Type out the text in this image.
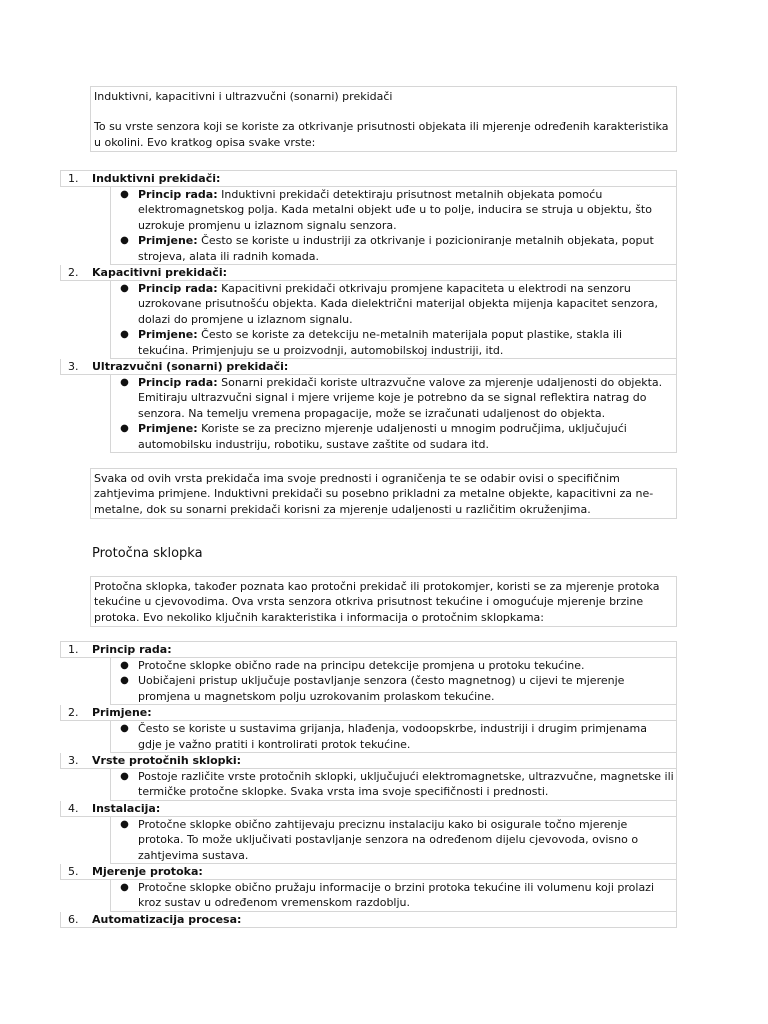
Induktivni, kapacitivni i ultrazvučni (sonarni) prekidači

To su vrste senzora koji se koriste za otkrivanje prisutnosti objekata ili mjerenje određenih karakteristika u okolini. Evo kratkog opisa svake vrste:

1.	Induktivni prekidači:
● Princip rada: Induktivni prekidači detektiraju prisutnost metalnih objekata pomoću elektromagnetskog polja. Kada metalni objekt uđe u to polje, inducira se struja u objektu, što uzrokuje promjenu u izlaznom signalu senzora.
● Primjene: Često se koriste u industriji za otkrivanje i pozicioniranje metalnih objekata, poput strojeva, alata ili radnih komada.
2.	Kapacitivni prekidači:
● Princip rada: Kapacitivni prekidači otkrivaju promjene kapaciteta u elektrodi na senzoru uzrokovane prisutnošću objekta. Kada dielektrični materijal objekta mijenja kapacitet senzora, dolazi do promjene u izlaznom signalu.
● Primjene: Često se koriste za detekciju ne-metalnih materijala poput plastike, stakla ili tekućina. Primjenjuju se u proizvodnji, automobilskoj industriji, itd.
3.	Ultrazvučni (sonarni) prekidači:
● Princip rada: Sonarni prekidači koriste ultrazvučne valove za mjerenje udaljenosti do objekta. Emitiraju ultrazvučni signal i mjere vrijeme koje je potrebno da se signal reflektira natrag do senzora. Na temelju vremena propagacije, može se izračunati udaljenost do objekta.
● Primjene: Koriste se za precizno mjerenje udaljenosti u mnogim područjima, uključujući automobilsku industriju, robotiku, sustave zaštite od sudara itd.

Svaka od ovih vrsta prekidača ima svoje prednosti i ograničenja te se odabir ovisi o specifičnim zahtjevima primjene. Induktivni prekidači su posebno prikladni za metalne objekte, kapacitivni za ne-metalne, dok su sonarni prekidači korisni za mjerenje udaljenosti u različitim okruženjima.

Protočna sklopka

Protočna sklopka, također poznata kao protočni prekidač ili protokomjer, koristi se za mjerenje protoka tekućine u cjevovodima. Ova vrsta senzora otkriva prisutnost tekućine i omogućuje mjerenje brzine protoka. Evo nekoliko ključnih karakteristika i informacija o protočnim sklopkama:

1.	Princip rada:
● Protočne sklopke obično rade na principu detekcije promjena u protoku tekućine.
● Uobičajeni pristup uključuje postavljanje senzora (često magnetnog) u cijevi te mjerenje promjena u magnetskom polju uzrokovanim prolaskom tekućine.
2.	Primjene:
● Često se koriste u sustavima grijanja, hlađenja, vodoopskrbe, industriji i drugim primjenama gdje je važno pratiti i kontrolirati protok tekućine.
3.	Vrste protočnih sklopki:
● Postoje različite vrste protočnih sklopki, uključujući elektromagnetske, ultrazvučne, magnetske ili termičke protočne sklopke. Svaka vrsta ima svoje specifičnosti i prednosti.
4.	Instalacija:
● Protočne sklopke obično zahtijevaju preciznu instalaciju kako bi osigurale točno mjerenje protoka. To može uključivati postavljanje senzora na određenom dijelu cjevovoda, ovisno o zahtjevima sustava.
5.	Mjerenje protoka:
● Protočne sklopke obično pružaju informacije o brzini protoka tekućine ili volumenu koji prolazi kroz sustav u određenom vremenskom razdoblju.
6.	Automatizacija procesa:
